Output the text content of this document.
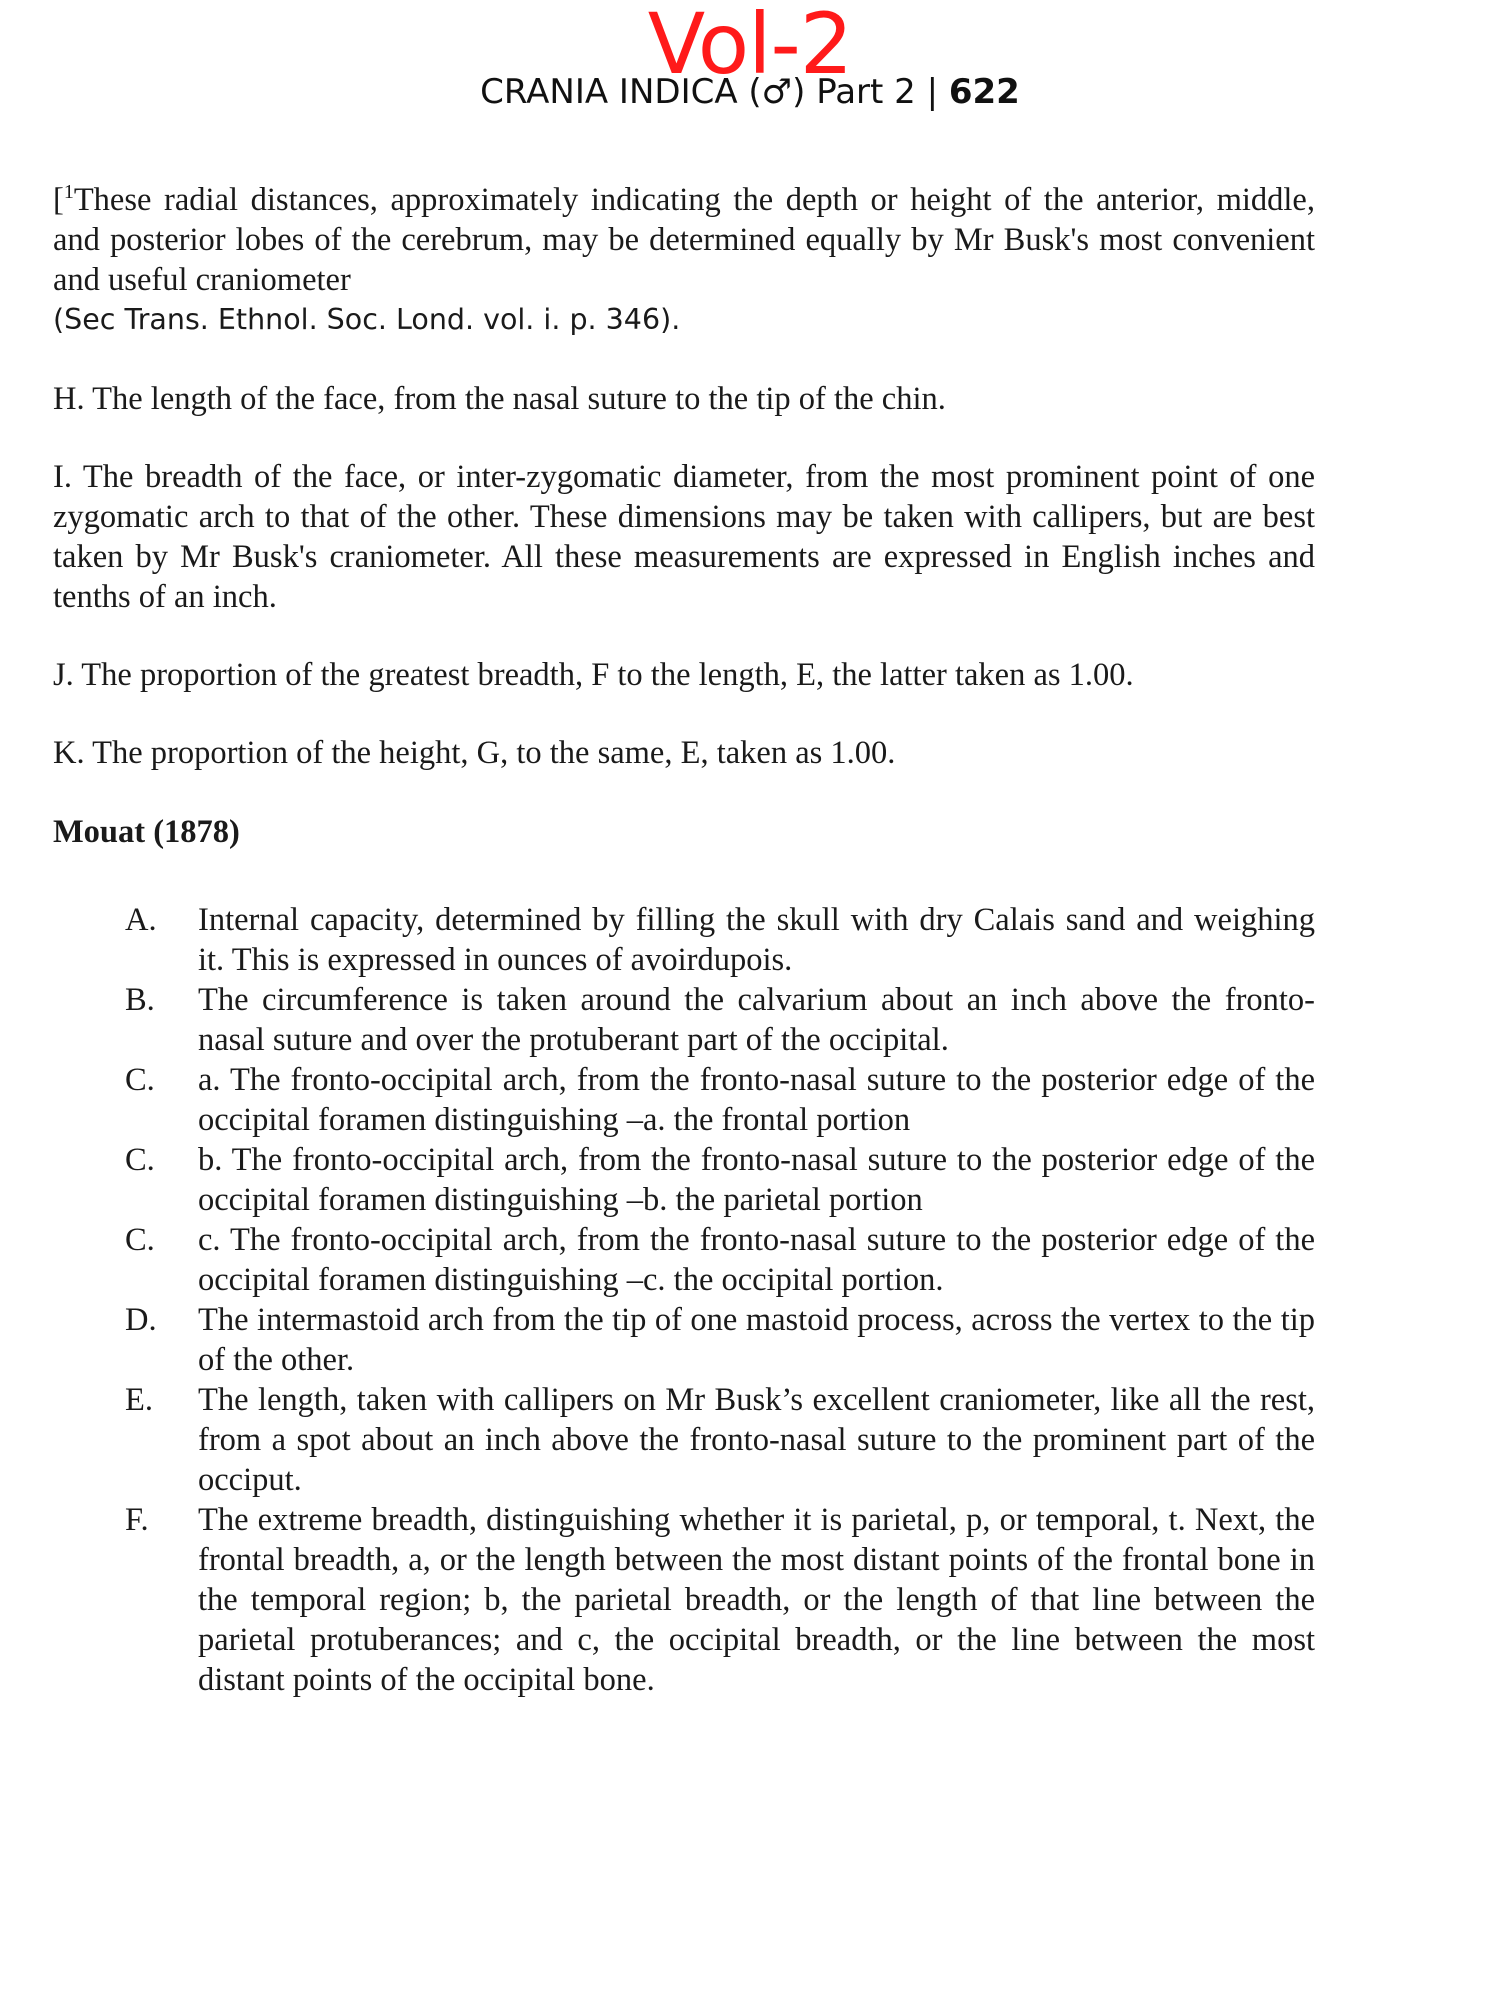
Vol-2
CRANIA INDICA (♂) Part 2 | 622

[$^1$These radial distances, approximately indicating the depth or height of the anterior, middle, and posterior lobes of the cerebrum, may be determined equally by Mr Busk's most convenient and useful craniometer

(Sec Trans. Ethnol. Soc. Lond. vol. i. p. 346).

H. The length of the face, from the nasal suture to the tip of the chin.

I. The breadth of the face, or inter-zygomatic diameter, from the most prominent point of one zygomatic arch to that of the other. These dimensions may be taken with callipers, but are best taken by Mr Busk's craniometer. All these measurements are expressed in English inches and tenths of an inch.

J. The proportion of the greatest breadth, F to the length, E, the latter taken as 1.00.

K. The proportion of the height, G, to the same, E, taken as 1.00.

Mouat (1878)

A.	Internal capacity, determined by filling the skull with dry Calais sand and weighing it. This is expressed in ounces of avoirdupois.
B.	The circumference is taken around the calvarium about an inch above the fronto-nasal suture and over the protuberant part of the occipital.
C.	a. The fronto-occipital arch, from the fronto-nasal suture to the posterior edge of the occipital foramen distinguishing –a. the frontal portion
C.	b. The fronto-occipital arch, from the fronto-nasal suture to the posterior edge of the occipital foramen distinguishing –b. the parietal portion
C.	c. The fronto-occipital arch, from the fronto-nasal suture to the posterior edge of the occipital foramen distinguishing –c. the occipital portion.
D.	The intermastoid arch from the tip of one mastoid process, across the vertex to the tip of the other.
E.	The length, taken with callipers on Mr Busk’s excellent craniometer, like all the rest, from a spot about an inch above the fronto-nasal suture to the prominent part of the occiput.
F.	The extreme breadth, distinguishing whether it is parietal, p, or temporal, t. Next, the frontal breadth, a, or the length between the most distant points of the frontal bone in the temporal region; b, the parietal breadth, or the length of that line between the parietal protuberances; and c, the occipital breadth, or the line between the most distant points of the occipital bone.
